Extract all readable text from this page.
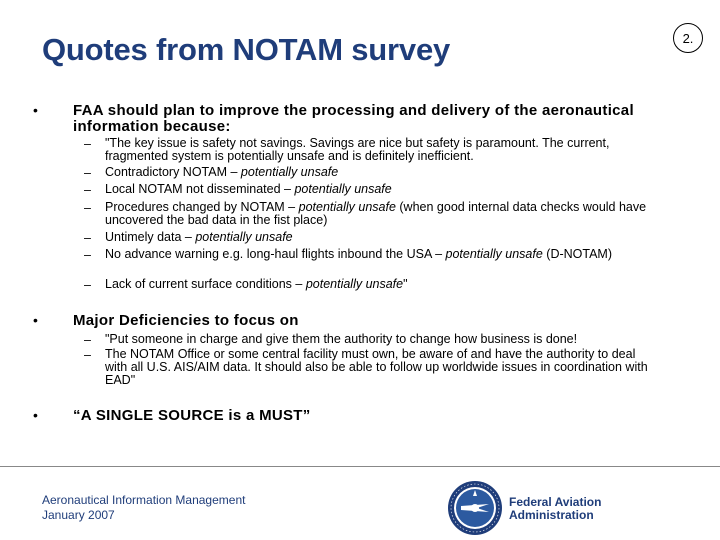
2.
Quotes from NOTAM survey
• FAA should plan to improve the processing and delivery of the aeronautical information because:
– "The key issue is safety not savings. Savings are nice but safety is paramount. The current, fragmented system is potentially unsafe and is definitely inefficient.
– Contradictory NOTAM – potentially unsafe
– Local NOTAM not disseminated – potentially unsafe
– Procedures changed by NOTAM – potentially unsafe (when good internal data checks would have uncovered the bad data in the fist place)
– Untimely data – potentially unsafe
– No advance warning e.g. long-haul flights inbound the USA – potentially unsafe (D-NOTAM)
– Lack of current surface conditions – potentially unsafe"
• Major Deficiencies to focus on
– "Put someone in charge and give them the authority to change how business is done!
– The NOTAM Office or some central facility must own, be aware of and have the authority to deal with all U.S. AIS/AIM data. It should also be able to follow up worldwide issues in coordination with EAD"
• “A SINGLE SOURCE is a MUST”
Aeronautical Information Management
January 2007
Federal Aviation
Administration
